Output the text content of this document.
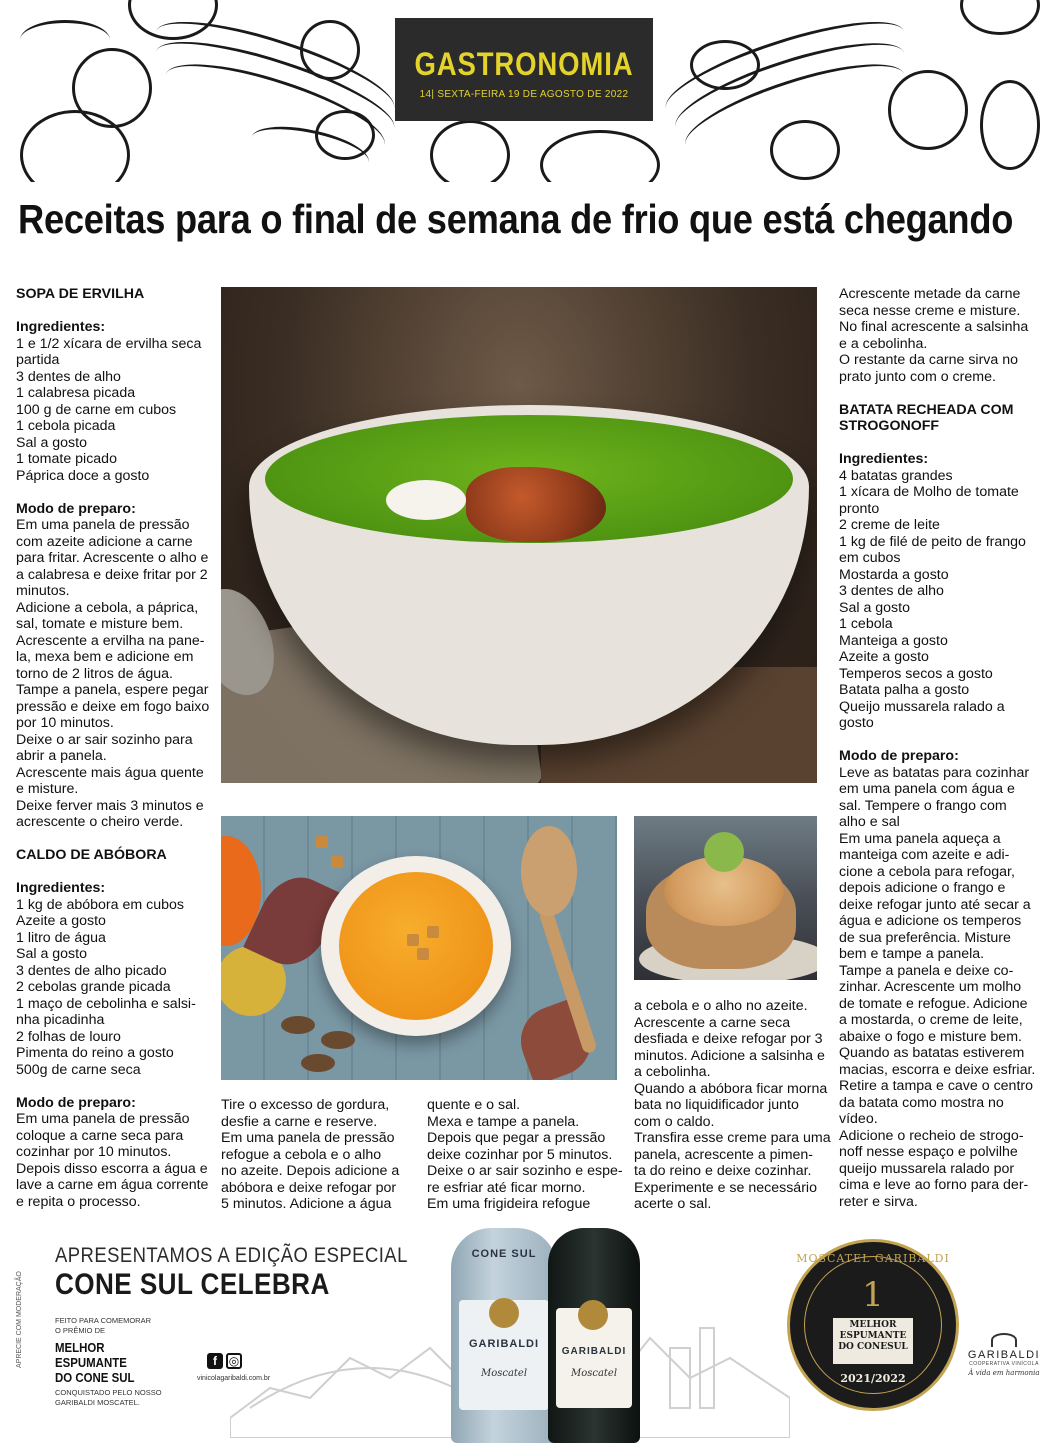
GASTRONOMIA
14| SEXTA-FEIRA 19 DE AGOSTO DE 2022
Receitas para o final de semana de frio que está chegando
SOPA DE ERVILHA
Ingredientes:
1 e 1/2 xícara de ervilha seca
partida
3 dentes de alho
1 calabresa picada
100 g de carne em cubos
1 cebola picada
Sal a gosto
1 tomate picado
Páprica doce a gosto
Modo de preparo:
Em uma panela de pressão
com azeite adicione a carne
para fritar. Acrescente o alho e
a calabresa e deixe fritar por 2
minutos.
Adicione a cebola, a páprica,
sal, tomate e misture bem.
Acrescente a ervilha na pane-
la, mexa bem e adicione em
torno de 2 litros de água.
Tampe a panela, espere pegar
pressão e deixe em fogo baixo
por 10 minutos.
Deixe o ar sair sozinho para
abrir a panela.
Acrescente mais água quente
e misture.
Deixe ferver mais 3 minutos e
acrescente o cheiro verde.
CALDO DE ABÓBORA
Ingredientes:
1 kg de abóbora em cubos
Azeite a gosto
1 litro de água
Sal a gosto
3 dentes de alho picado
2 cebolas grande picada
1 maço de cebolinha e salsi-
nha picadinha
2 folhas de louro
Pimenta do reino a gosto
500g de carne seca
Modo de preparo:
Em uma panela de pressão
coloque a carne seca para
cozinhar por 10 minutos.
Depois disso escorra a água e
lave a carne em água corrente
e repita o processo.
Tire o excesso de gordura,
desfie a carne e reserve.
Em uma panela de pressão
refogue a cebola e o alho
no azeite. Depois adicione a
abóbora e deixe refogar por
5 minutos. Adicione a água
quente e o sal.
Mexa e tampe a panela.
Depois que pegar a pressão
deixe cozinhar por 5 minutos.
Deixe o ar sair sozinho e espe-
re esfriar até ficar morno.
Em uma frigideira refogue
a cebola e o alho no azeite.
Acrescente a carne seca
desfiada e deixe refogar por 3
minutos. Adicione a salsinha e
a cebolinha.
Quando a abóbora ficar morna
bata no liquidificador junto
com o caldo.
Transfira esse creme para uma
panela, acrescente a pimen-
ta do reino e deixe cozinhar.
Experimente e se necessário
acerte o sal.
Acrescente metade da carne
seca nesse creme e misture.
No final acrescente a salsinha
e a cebolinha.
O restante da carne sirva no
prato junto com o creme.
BATATA RECHEADA COM
STROGONOFF
Ingredientes:
4 batatas grandes
1 xícara de Molho de tomate
pronto
2 creme de leite
1 kg de filé de peito de frango
em cubos
Mostarda a gosto
3 dentes de alho
Sal a gosto
1 cebola
Manteiga a gosto
Azeite a gosto
Temperos secos a gosto
Batata palha a gosto
Queijo mussarela ralado a
gosto
Modo de preparo:
Leve as batatas para cozinhar
em uma panela com água e
sal. Tempere o frango com
alho e sal
Em uma panela aqueça a
manteiga com azeite e adi-
cione a cebola para refogar,
depois adicione o frango e
deixe refogar junto até secar a
água e adicione os temperos
de sua preferência. Misture
bem e tampe a panela.
Tampe a panela e deixe co-
zinhar. Acrescente um molho
de tomate e refogue. Adicione
a mostarda, o creme de leite,
abaixe o fogo e misture bem.
Quando as batatas estiverem
macias, escorra e deixe esfriar.
Retire a tampa e cave o centro
da batata como mostra no
vídeo.
Adicione o recheio de strogo-
noff nesse espaço e polvilhe
queijo mussarela ralado por
cima e leve ao forno para der-
reter e sirva.
APRECIE COM MODERAÇÃO
APRESENTAMOS A EDIÇÃO ESPECIAL
CONE SUL CELEBRA
FEITO PARA COMEMORAR
O PRÊMIO DE
MELHOR
ESPUMANTE
DO CONE SUL
CONQUISTADO PELO NOSSO
GARIBALDI MOSCATEL.
f ◎
vinicolagaribaldi.com.br
CONE SUL
GARIBALDI
Moscatel
GARIBALDI
Moscatel
MOSCATEL GARIBALDI
1
MELHOR
ESPUMANTE
DO CONESUL
2021/2022
GARIBALDI
COOPERATIVA VINÍCOLA
À vida em harmonia
